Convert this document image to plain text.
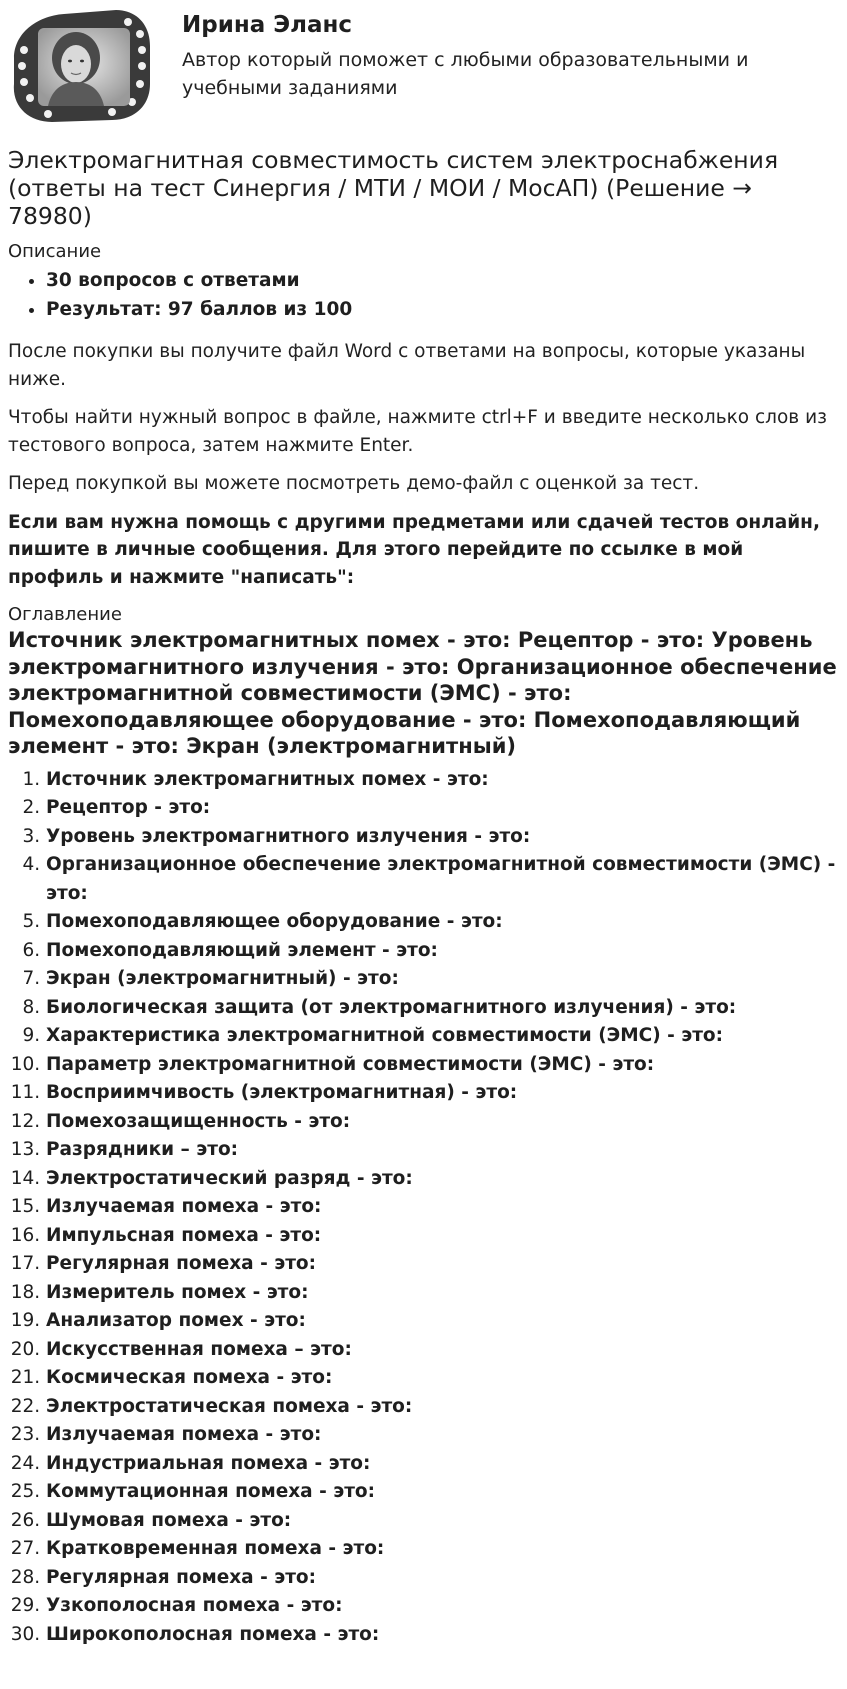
Ирина Эланс

Автор который поможет с любыми образовательными и учебными заданиями

Электромагнитная совместимость систем электроснабжения (ответы на тест Синергия / МТИ / МОИ / МосАП) (Решение → 78980)

Описание

• 30 вопросов с ответами
• Результат: 97 баллов из 100

После покупки вы получите файл Word с ответами на вопросы, которые указаны ниже.

Чтобы найти нужный вопрос в файле, нажмите ctrl+F и введите несколько слов из тестового вопроса, затем нажмите Enter.

Перед покупкой вы можете посмотреть демо-файл с оценкой за тест.

Если вам нужна помощь с другими предметами или сдачей тестов онлайн, пишите в личные сообщения. Для этого перейдите по ссылке в мой профиль и нажмите "написать":

Оглавление

Источник электромагнитных помех - это: Рецептор - это: Уровень электромагнитного излучения - это: Организационное обеспечение электромагнитной совместимости (ЭМС) - это: Помехоподавляющее оборудование - это: Помехоподавляющий элемент - это: Экран (электромагнитный)
1. Источник электромагнитных помех - это:
2. Рецептор - это:
3. Уровень электромагнитного излучения - это:
4. Организационное обеспечение электромагнитной совместимости (ЭМС) - это:
5. Помехоподавляющее оборудование - это:
6. Помехоподавляющий элемент - это:
7. Экран (электромагнитный) - это:
8. Биологическая защита (от электромагнитного излучения) - это:
9. Характеристика электромагнитной совместимости (ЭМС) - это:
10. Параметр электромагнитной совместимости (ЭМС) - это:
11. Восприимчивость (электромагнитная) - это:
12. Помехозащищенность - это:
13. Разрядники – это:
14. Электростатический разряд - это:
15. Излучаемая помеха - это:
16. Импульсная помеха - это:
17. Регулярная помеха - это:
18. Измеритель помех - это:
19. Анализатор помех - это:
20. Искусственная помеха – это:
21. Космическая помеха - это:
22. Электростатическая помеха - это:
23. Излучаемая помеха - это:
24. Индустриальная помеха - это:
25. Коммутационная помеха - это:
26. Шумовая помеха - это:
27. Кратковременная помеха - это:
28. Регулярная помеха - это:
29. Узкополосная помеха - это:
30. Широкополосная помеха - это:
